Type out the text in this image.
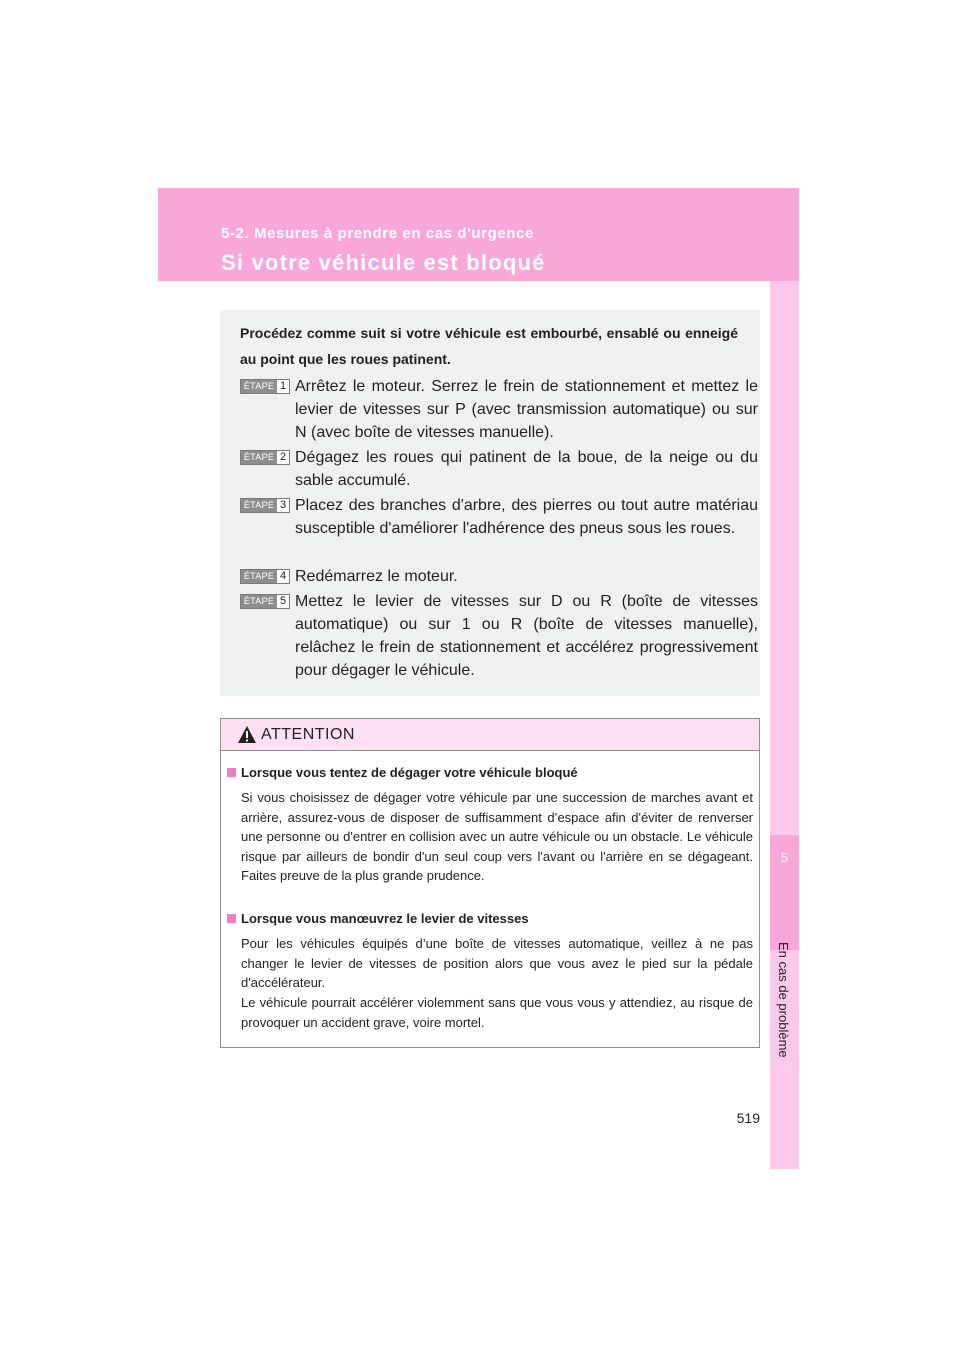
5-2. Mesures à prendre en cas d'urgence
Si votre véhicule est bloqué
5
En cas de problème
Procédez comme suit si votre véhicule est embourbé, ensablé ou enneigé au point que les roues patinent.
ÉTAPE 1 Arrêtez le moteur. Serrez le frein de stationnement et mettez le levier de vitesses sur P (avec transmission automatique) ou sur N (avec boîte de vitesses manuelle).
ÉTAPE 2 Dégagez les roues qui patinent de la boue, de la neige ou du sable accumulé.
ÉTAPE 3 Placez des branches d'arbre, des pierres ou tout autre matériau susceptible d'améliorer l'adhérence des pneus sous les roues.
ÉTAPE 4 Redémarrez le moteur.
ÉTAPE 5 Mettez le levier de vitesses sur D ou R (boîte de vitesses automatique) ou sur 1 ou R (boîte de vitesses manuelle), relâchez le frein de stationnement et accélérez progressivement pour dégager le véhicule.
ATTENTION
Lorsque vous tentez de dégager votre véhicule bloqué
Si vous choisissez de dégager votre véhicule par une succession de marches avant et arrière, assurez-vous de disposer de suffisamment d’espace afin d'éviter de renverser une personne ou d'entrer en collision avec un autre véhicule ou un obstacle. Le véhicule risque par ailleurs de bondir d'un seul coup vers l'avant ou l'arrière en se dégageant. Faites preuve de la plus grande prudence.
Lorsque vous manœuvrez le levier de vitesses
Pour les véhicules équipés d’une boîte de vitesses automatique, veillez à ne pas changer le levier de vitesses de position alors que vous avez le pied sur la pédale d'accélérateur.
Le véhicule pourrait accélérer violemment sans que vous vous y attendiez, au risque de provoquer un accident grave, voire mortel.
519
